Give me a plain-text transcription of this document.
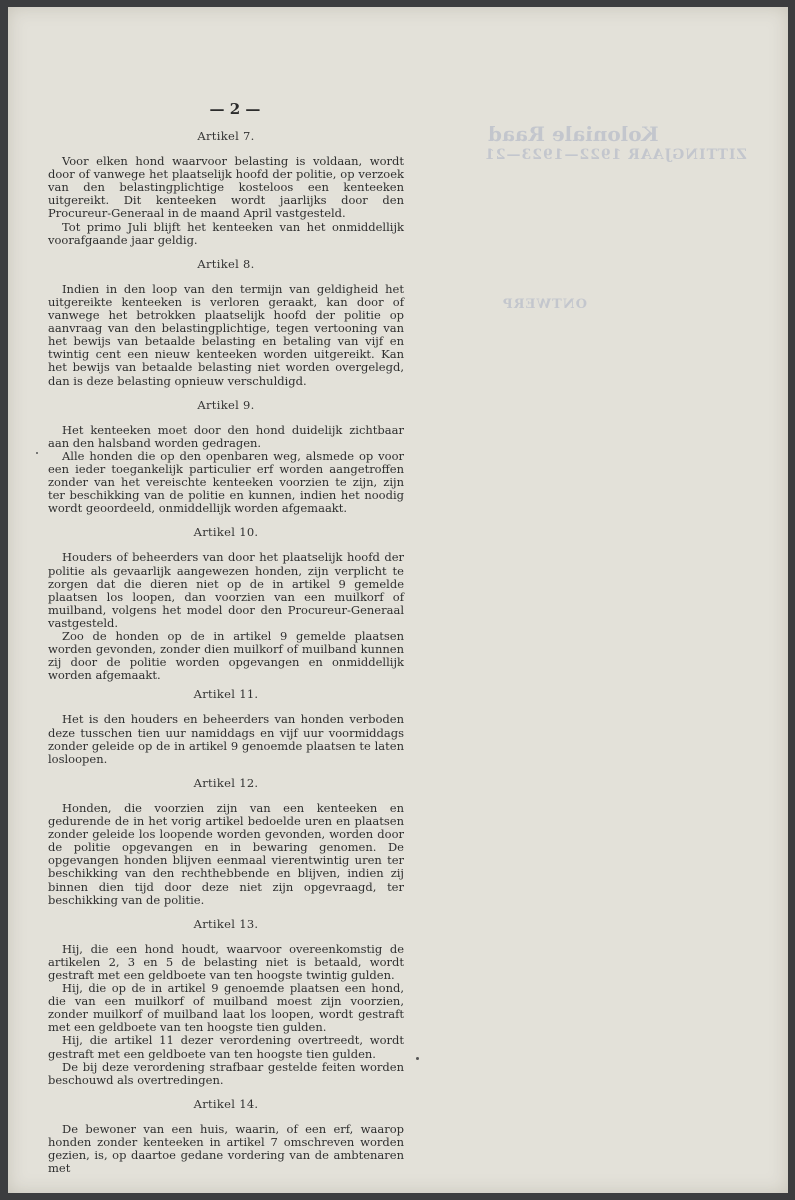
Koloniale Raad
ZITTINGJAAR 1922—1923—21
ONTWERP
— 2 —
Artikel 7.

Voor elken hond waarvoor belasting is voldaan, wordt door of vanwege het plaatselijk hoofd der politie, op verzoek van den belastingplichtige kosteloos een kenteeken uitgereikt. Dit kenteeken wordt jaarlijks door den Procureur-Generaal in de maand April vastgesteld.

Tot primo Juli blijft het kenteeken van het onmiddellijk voorafgaande jaar geldig.

Artikel 8.

Indien in den loop van den termijn van geldigheid het uitgereikte kenteeken is verloren geraakt, kan door of vanwege het betrokken plaatselijk hoofd der politie op aanvraag van den belastingplichtige, tegen vertooning van het bewijs van betaalde belasting en betaling van vijf en twintig cent een nieuw kenteeken worden uitgereikt. Kan het bewijs van betaalde belasting niet worden overgelegd, dan is deze belasting opnieuw verschuldigd.

Artikel 9.

Het kenteeken moet door den hond duidelijk zichtbaar aan den halsband worden gedragen.

Alle honden die op den openbaren weg, alsmede op voor een ieder toegankelijk particulier erf worden aangetroffen zonder van het vereischte kenteeken voorzien te zijn, zijn ter beschikking van de politie en kunnen, indien het noodig wordt geoordeeld, onmiddellijk worden afgemaakt.

Artikel 10.

Houders of beheerders van door het plaatselijk hoofd der politie als gevaarlijk aangewezen honden, zijn verplicht te zorgen dat die dieren niet op de in artikel 9 gemelde plaatsen los loopen, dan voorzien van een muilkorf of muilband, volgens het model door den Procureur-Generaal vastgesteld.

Zoo de honden op de in artikel 9 gemelde plaatsen worden gevonden, zonder dien muilkorf of muilband kunnen zij door de politie worden opgevangen en onmiddellijk worden afgemaakt.

Artikel 11.

Het is den houders en beheerders van honden verboden deze tusschen tien uur namiddags en vijf uur voormiddags zonder geleide op de in artikel 9 genoemde plaatsen te laten losloopen.

Artikel 12.

Honden, die voorzien zijn van een kenteeken en gedurende de in het vorig artikel bedoelde uren en plaatsen zonder geleide los loopende worden gevonden, worden door de politie opgevangen en in bewaring genomen. De opgevangen honden blijven eenmaal vierentwintig uren ter beschikking van den rechthebbende en blijven, indien zij binnen dien tijd door deze niet zijn opgevraagd, ter beschikking van de politie.

Artikel 13.

Hij, die een hond houdt, waarvoor overeenkomstig de artikelen 2, 3 en 5 de belasting niet is betaald, wordt gestraft met een geldboete van ten hoogste twintig gulden.

Hij, die op de in artikel 9 genoemde plaatsen een hond, die van een muilkorf of muilband moest zijn voorzien, zonder muilkorf of muilband laat los loopen, wordt gestraft met een geldboete van ten hoogste tien gulden.

Hij, die artikel 11 dezer verordening overtreedt, wordt gestraft met een geldboete van ten hoogste tien gulden.

De bij deze verordening strafbaar gestelde feiten worden beschouwd als overtredingen.

Artikel 14.

De bewoner van een huis, waarin, of een erf, waarop honden zonder kenteeken in artikel 7 omschreven worden gezien, is, op daartoe gedane vordering van de ambtenaren met
